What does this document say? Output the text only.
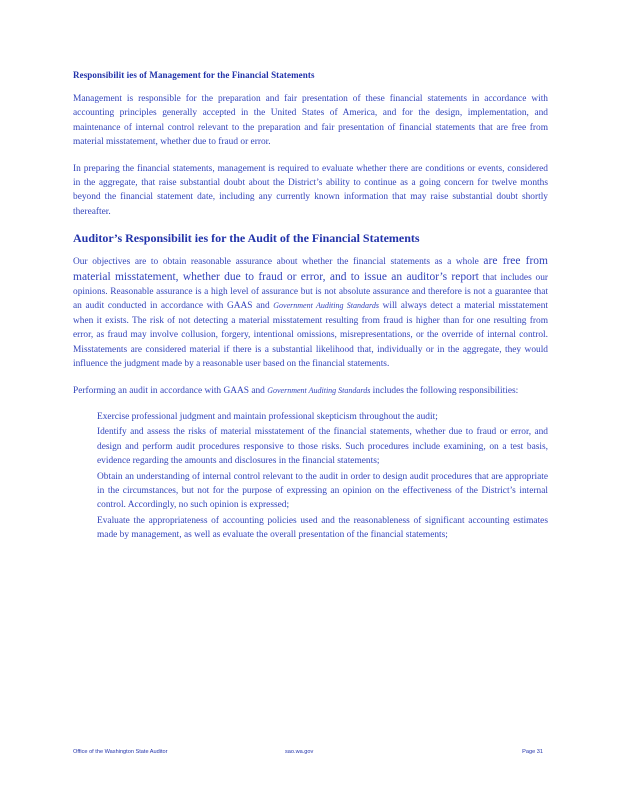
Responsibilit ies of Management for the Financial Statements

Management is responsible for the preparation and fair presentation of these financial statements in accordance with accounting principles generally accepted in the United States of America, and for the design, implementation, and maintenance of internal control relevant to the preparation and fair presentation of financial statements that are free from material misstatement, whether due to fraud or error.

In preparing the financial statements, management is required to evaluate whether there are conditions or events, considered in the aggregate, that raise substantial doubt about the District’s ability to continue as a going concern for twelve months beyond the financial statement date, including any currently known information that may raise substantial doubt shortly thereafter.

Auditor’s Responsibilit ies for the Audit of the Financial Statements

Our objectives are to obtain reasonable assurance about whether the financial statements as a whole are free from material misstatement, whether due to fraud or error, and to issue an auditor’s report that includes our opinions. Reasonable assurance is a high level of assurance but is not absolute assurance and therefore is not a guarantee that an audit conducted in accordance with GAAS and Government Auditing Standards will always detect a material misstatement when it exists. The risk of not detecting a material misstatement resulting from fraud is higher than for one resulting from error, as fraud may involve collusion, forgery, intentional omissions, misrepresentations, or the override of internal control. Misstatements are considered material if there is a substantial likelihood that, individually or in the aggregate, they would influence the judgment made by a reasonable user based on the financial statements.

Performing an audit in accordance with GAAS and Government Auditing Standards includes the following responsibilities:

Exercise professional judgment and maintain professional skepticism throughout the audit;
Identify and assess the risks of material misstatement of the financial statements, whether due to fraud or error, and design and perform audit procedures responsive to those risks. Such procedures include examining, on a test basis, evidence regarding the amounts and disclosures in the financial statements;
Obtain an understanding of internal control relevant to the audit in order to design audit procedures that are appropriate in the circumstances, but not for the purpose of expressing an opinion on the effectiveness of the District’s internal control. Accordingly, no such opinion is expressed;
Evaluate the appropriateness of accounting policies used and the reasonableness of significant accounting estimates made by management, as well as evaluate the overall presentation of the financial statements;
Office of the Washington State Auditor	sao.wa.gov	Page 31
